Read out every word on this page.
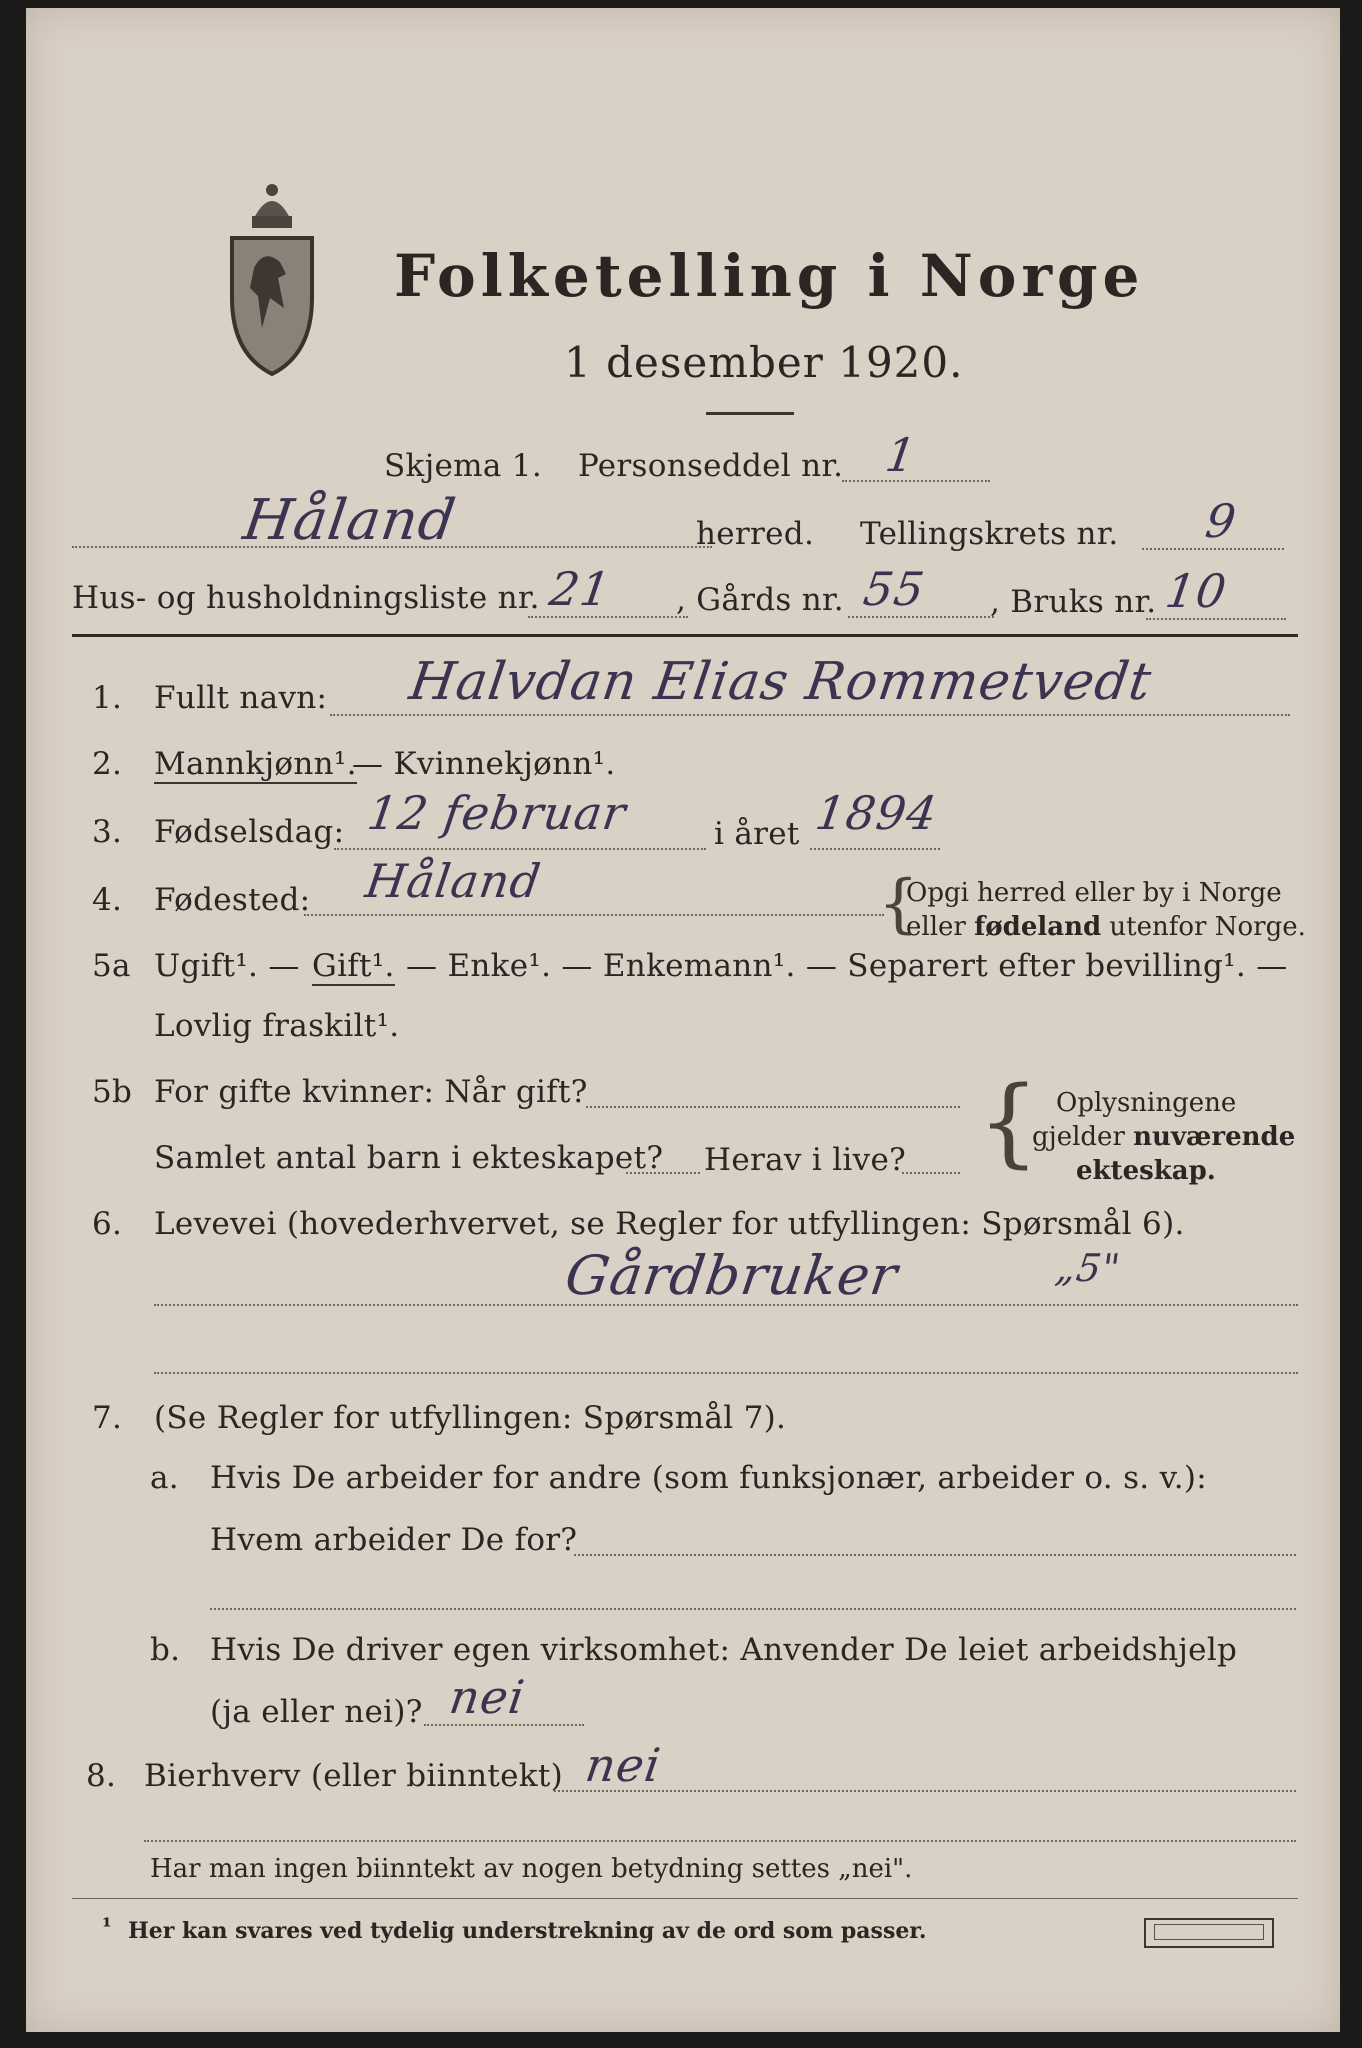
Folketelling i Norge
1 desember 1920.
Skjema 1. Personseddel nr. 1
Håland	herred. Tellingskrets nr. 9
Hus- og husholdningsliste nr. 21 , Gårds nr. 55 , Bruks nr. 10
1. Fullt navn: Halvdan Elias Rommetvedt
2. Mannkjønn¹.
— Kvinnekjønn¹.
3. Fødselsdag: 12 februar	i året 1894
4. Fødested: Håland	{
Opgi herred eller by i Norge
eller fødeland utenfor Norge.
5a Ugift¹. — Gift¹. — Enke¹. — Enkemann¹. — Separert efter bevilling¹. —
Lovlig fraskilt¹.
5b For gifte kvinner: Når gift?
Samlet antal barn i ekteskapet? Herav i live? { Oplysningene
gjelder nuværende
ekteskap.
6. Levevei (hovederhvervet, se Regler for utfyllingen: Spørsmål 6).
Gårdbruker	„5"
7. (Se Regler for utfyllingen: Spørsmål 7).
a. Hvis De arbeider for andre (som funksjonær, arbeider o. s. v.):
Hvem arbeider De for?
b. Hvis De driver egen virksomhet: Anvender De leiet arbeidshjelp
(ja eller nei)? nei
8. Bierhverv (eller biinntekt) nei
Har man ingen biinntekt av nogen betydning settes „nei".
¹ Her kan svares ved tydelig understrekning av de ord som passer.
